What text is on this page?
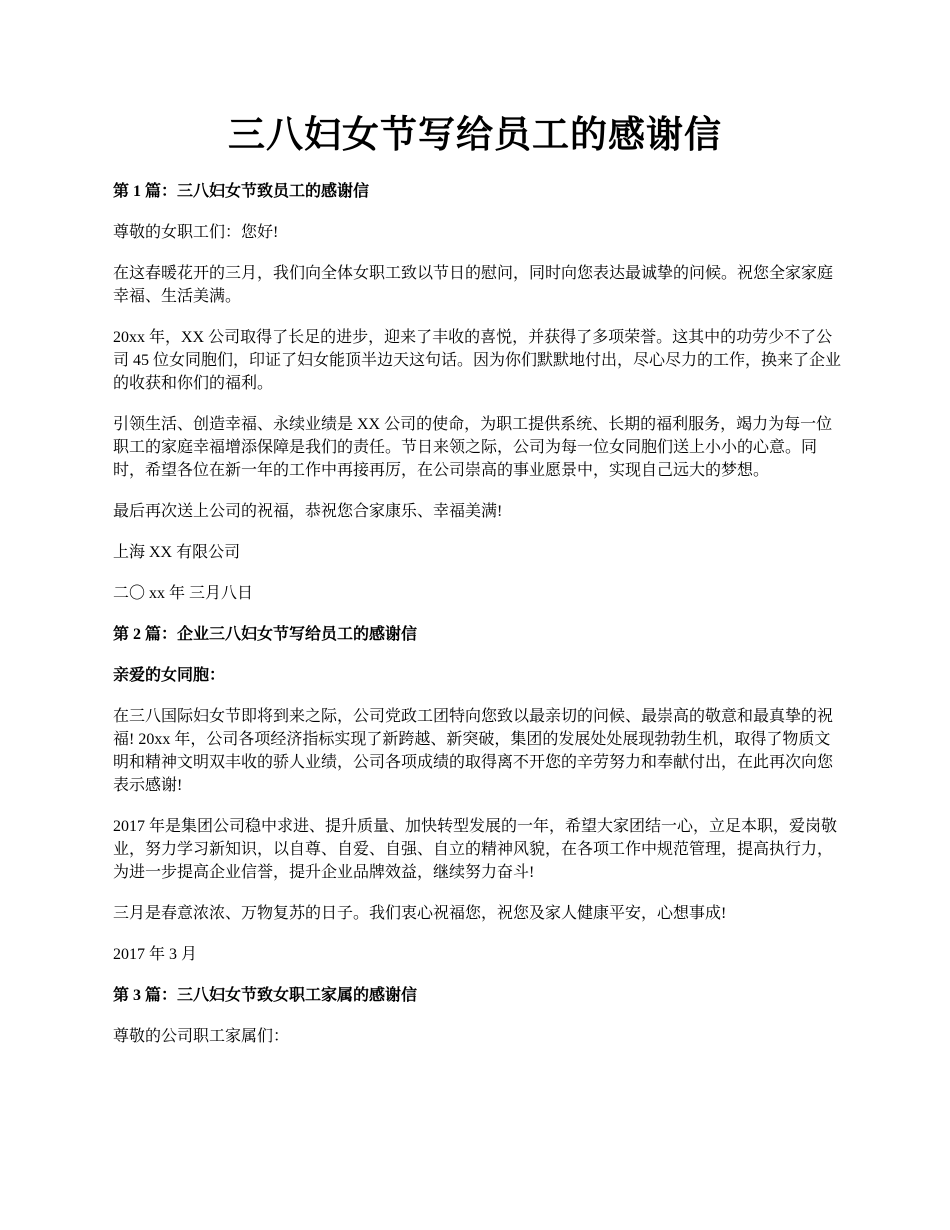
三八妇女节写给员工的感谢信

第 1 篇：三八妇女节致员工的感谢信

尊敬的女职工们：您好!

在这春暖花开的三月，我们向全体女职工致以节日的慰问，同时向您表达最诚挚的问候。祝您全家家庭幸福、生活美满。

20xx 年，XX 公司取得了长足的进步，迎来了丰收的喜悦，并获得了多项荣誉。这其中的功劳少不了公司 45 位女同胞们，印证了妇女能顶半边天这句话。因为你们默默地付出，尽心尽力的工作，换来了企业的收获和你们的福利。

引领生活、创造幸福、永续业绩是 XX 公司的使命，为职工提供系统、长期的福利服务，竭力为每一位职工的家庭幸福增添保障是我们的责任。节日来领之际，公司为每一位女同胞们送上小小的心意。同时，希望各位在新一年的工作中再接再厉，在公司崇高的事业愿景中，实现自己远大的梦想。

最后再次送上公司的祝福，恭祝您合家康乐、幸福美满!

上海 XX 有限公司

二〇 xx 年 三月八日

第 2 篇：企业三八妇女节写给员工的感谢信

亲爱的女同胞：

在三八国际妇女节即将到来之际，公司党政工团特向您致以最亲切的问候、最崇高的敬意和最真挚的祝福! 20xx 年，公司各项经济指标实现了新跨越、新突破，集团的发展处处展现勃勃生机，取得了物质文明和精神文明双丰收的骄人业绩，公司各项成绩的取得离不开您的辛劳努力和奉献付出，在此再次向您表示感谢!

2017 年是集团公司稳中求进、提升质量、加快转型发展的一年，希望大家团结一心，立足本职，爱岗敬业，努力学习新知识，以自尊、自爱、自强、自立的精神风貌，在各项工作中规范管理，提高执行力，为进一步提高企业信誉，提升企业品牌效益，继续努力奋斗!

三月是春意浓浓、万物复苏的日子。我们衷心祝福您，祝您及家人健康平安，心想事成!

2017 年 3 月

第 3 篇：三八妇女节致女职工家属的感谢信

尊敬的公司职工家属们：
